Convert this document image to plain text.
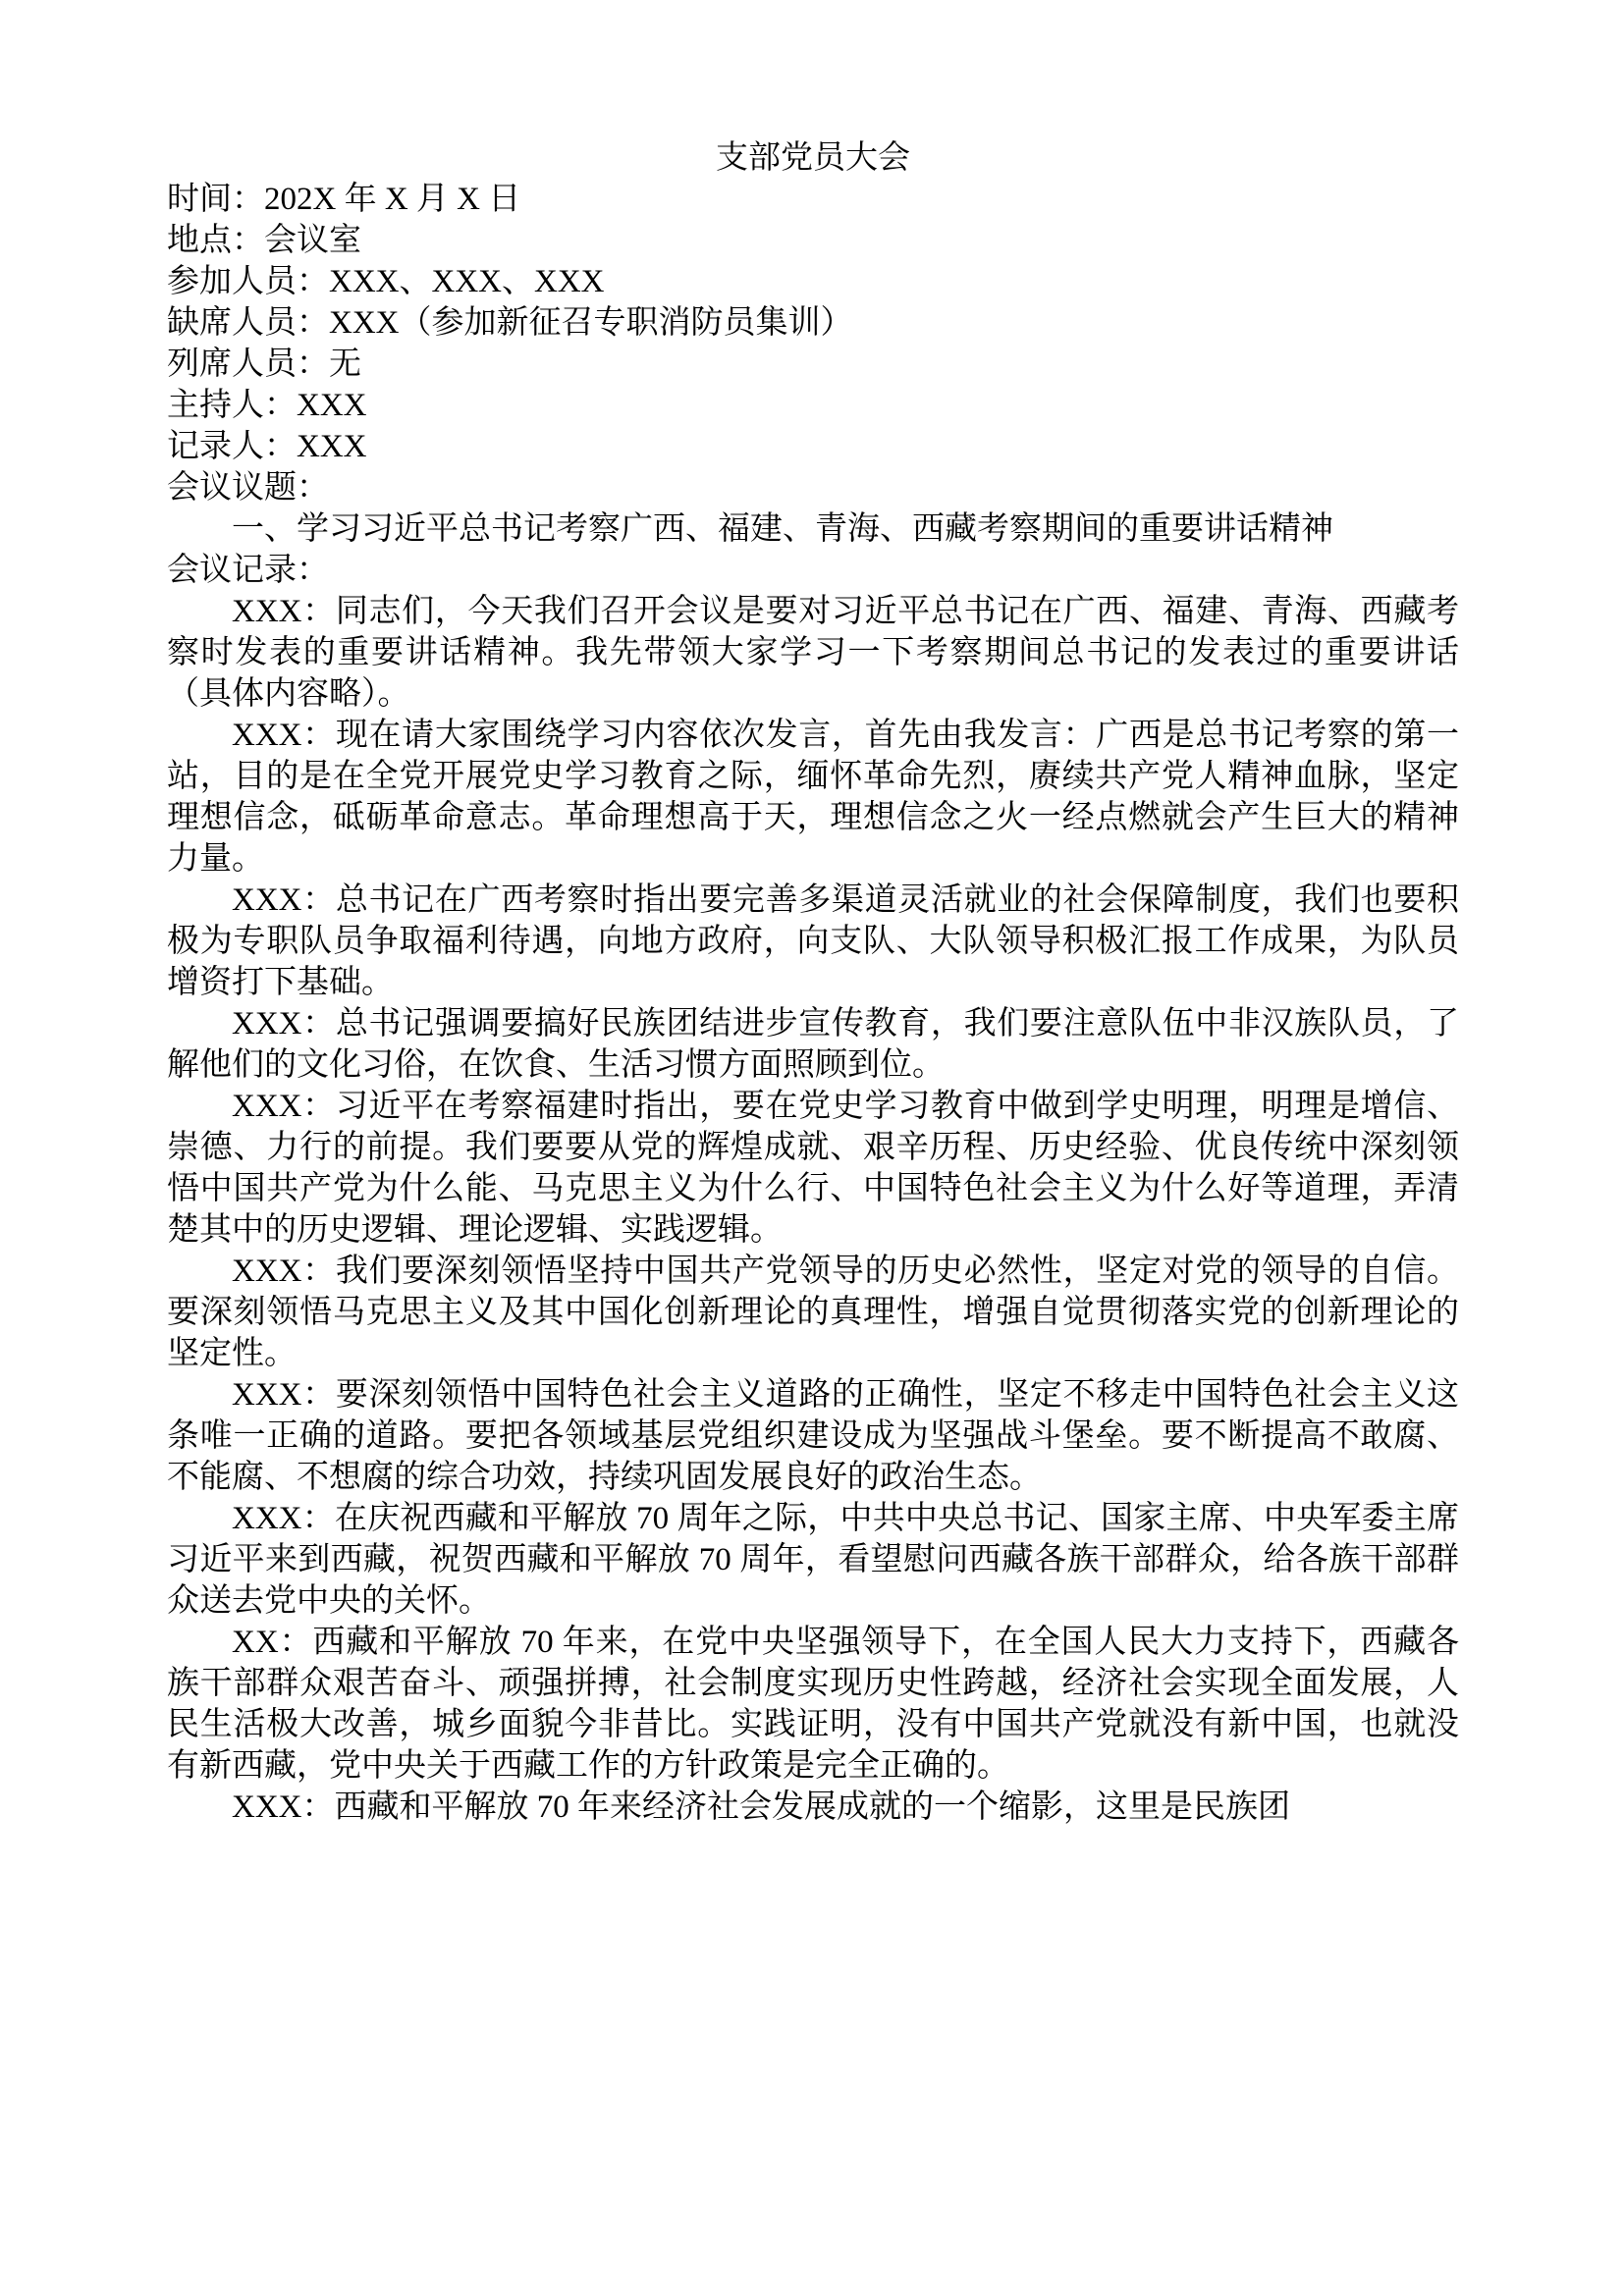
支部党员大会

时间：202X 年 X 月 X 日

地点：会议室

参加人员：XXX、XXX、XXX

缺席人员：XXX（参加新征召专职消防员集训）

列席人员：无

主持人：XXX

记录人：XXX

会议议题：

一、学习习近平总书记考察广西、福建、青海、西藏考察期间的重要讲话精神

会议记录：

XXX：同志们，今天我们召开会议是要对习近平总书记在广西、福建、青海、西藏考察时发表的重要讲话精神。我先带领大家学习一下考察期间总书记的发表过的重要讲话（具体内容略）。

XXX：现在请大家围绕学习内容依次发言，首先由我发言：广西是总书记考察的第一站，目的是在全党开展党史学习教育之际，缅怀革命先烈，赓续共产党人精神血脉，坚定理想信念，砥砺革命意志。革命理想高于天，理想信念之火一经点燃就会产生巨大的精神力量。

XXX：总书记在广西考察时指出要完善多渠道灵活就业的社会保障制度，我们也要积极为专职队员争取福利待遇，向地方政府，向支队、大队领导积极汇报工作成果，为队员增资打下基础。

XXX：总书记强调要搞好民族团结进步宣传教育，我们要注意队伍中非汉族队员，了解他们的文化习俗，在饮食、生活习惯方面照顾到位。

XXX：习近平在考察福建时指出，要在党史学习教育中做到学史明理，明理是增信、崇德、力行的前提。我们要要从党的辉煌成就、艰辛历程、历史经验、优良传统中深刻领悟中国共产党为什么能、马克思主义为什么行、中国特色社会主义为什么好等道理，弄清楚其中的历史逻辑、理论逻辑、实践逻辑。

XXX：我们要深刻领悟坚持中国共产党领导的历史必然性，坚定对党的领导的自信。要深刻领悟马克思主义及其中国化创新理论的真理性，增强自觉贯彻落实党的创新理论的坚定性。

XXX：要深刻领悟中国特色社会主义道路的正确性，坚定不移走中国特色社会主义这条唯一正确的道路。要把各领域基层党组织建设成为坚强战斗堡垒。要不断提高不敢腐、不能腐、不想腐的综合功效，持续巩固发展良好的政治生态。

XXX：在庆祝西藏和平解放 70 周年之际，中共中央总书记、国家主席、中央军委主席习近平来到西藏，祝贺西藏和平解放 70 周年，看望慰问西藏各族干部群众，给各族干部群众送去党中央的关怀。

XX：西藏和平解放 70 年来，在党中央坚强领导下，在全国人民大力支持下，西藏各族干部群众艰苦奋斗、顽强拼搏，社会制度实现历史性跨越，经济社会实现全面发展，人民生活极大改善，城乡面貌今非昔比。实践证明，没有中国共产党就没有新中国，也就没有新西藏，党中央关于西藏工作的方针政策是完全正确的。

XXX：西藏和平解放 70 年来经济社会发展成就的一个缩影，这里是民族团
